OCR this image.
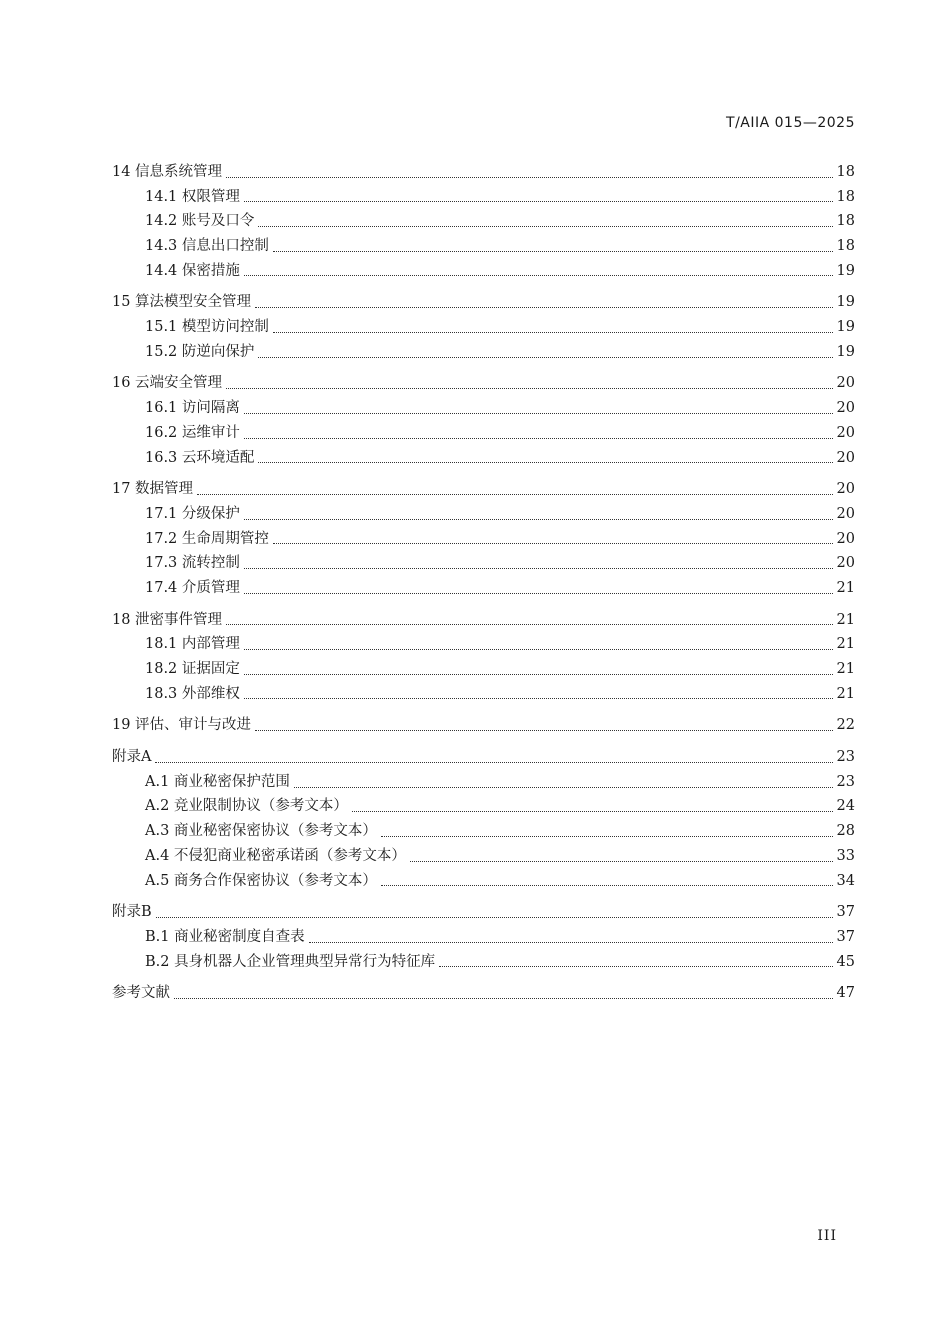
T/AIIA 015—2025
14 信息系统管理	18
14.1 权限管理	18
14.2 账号及口令	18
14.3 信息出口控制	18
14.4 保密措施	19
15 算法模型安全管理	19
15.1 模型访问控制	19
15.2 防逆向保护	19
16 云端安全管理	20
16.1 访问隔离	20
16.2 运维审计	20
16.3 云环境适配	20
17 数据管理	20
17.1 分级保护	20
17.2 生命周期管控	20
17.3 流转控制	20
17.4 介质管理	21
18 泄密事件管理	21
18.1 内部管理	21
18.2 证据固定	21
18.3 外部维权	21
19 评估、审计与改进	22
附录A	23
A.1 商业秘密保护范围	23
A.2 竞业限制协议（参考文本）	24
A.3 商业秘密保密协议（参考文本）	28
A.4 不侵犯商业秘密承诺函（参考文本）	33
A.5 商务合作保密协议（参考文本）	34
附录B	37
B.1 商业秘密制度自查表	37
B.2 具身机器人企业管理典型异常行为特征库	45
参考文献	47
III
